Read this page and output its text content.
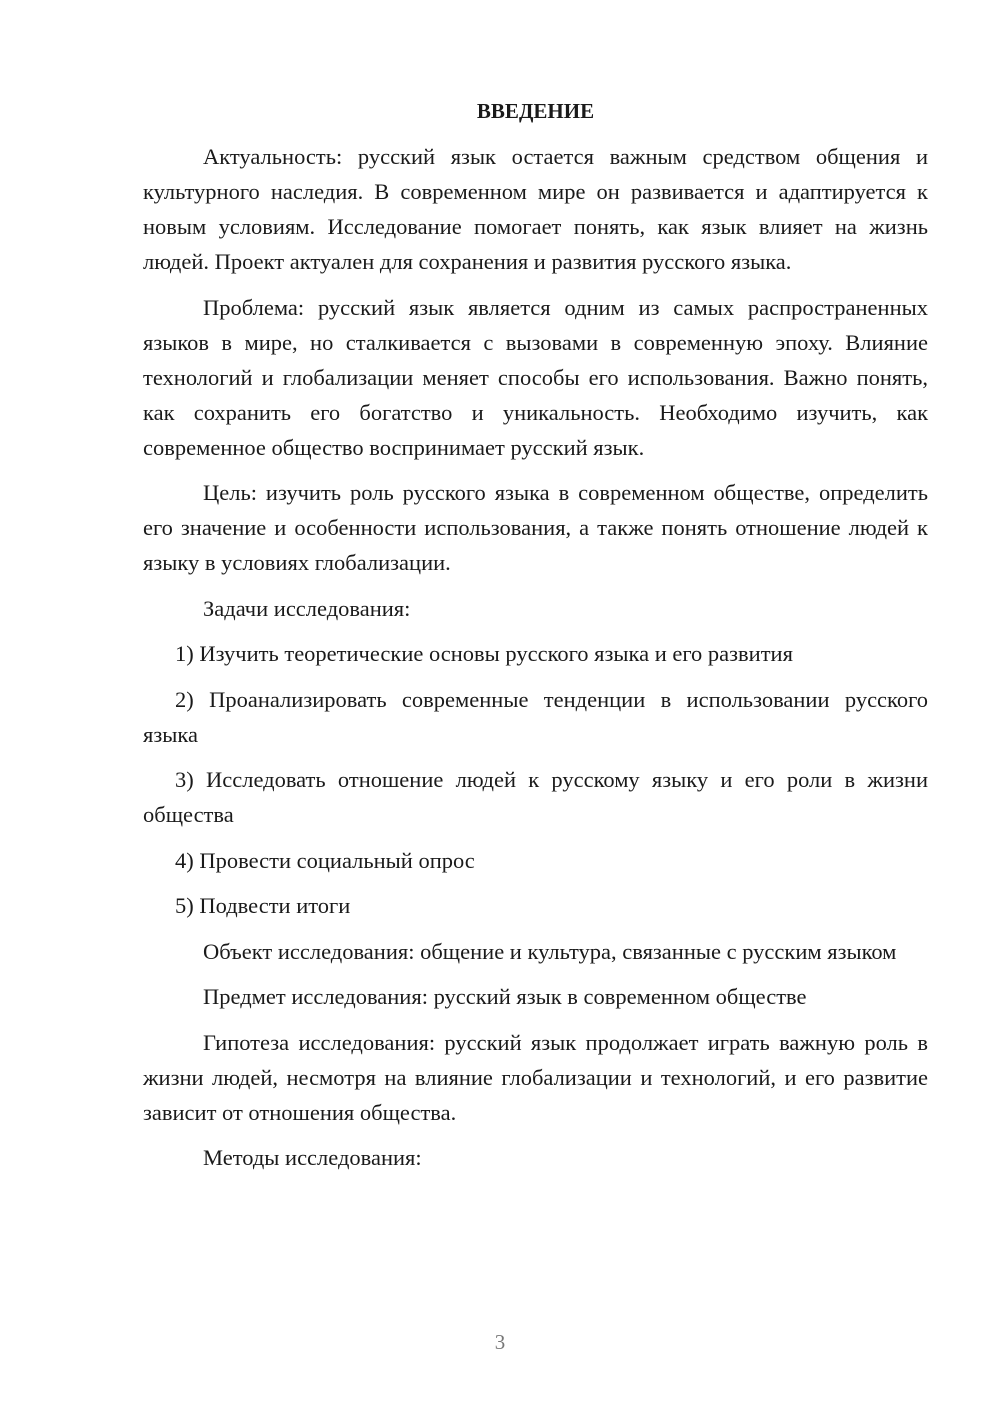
ВВЕДЕНИЕ

Актуальность: русский язык остается важным средством общения и культурного наследия. В современном мире он развивается и адаптируется к новым условиям. Исследование помогает понять, как язык влияет на жизнь людей. Проект актуален для сохранения и развития русского языка.

Проблема: русский язык является одним из самых распространенных языков в мире, но сталкивается с вызовами в современную эпоху. Влияние технологий и глобализации меняет способы его использования. Важно понять, как сохранить его богатство и уникальность. Необходимо изучить, как современное общество воспринимает русский язык.

Цель: изучить роль русского языка в современном обществе, определить его значение и особенности использования, а также понять отношение людей к языку в условиях глобализации.

Задачи исследования:

1) Изучить теоретические основы русского языка и его развития

2) Проанализировать современные тенденции в использовании русского языка

3) Исследовать отношение людей к русскому языку и его роли в жизни общества

4) Провести социальный опрос

5) Подвести итоги

Объект исследования: общение и культура, связанные с русским языком

Предмет исследования: русский язык в современном обществе

Гипотеза исследования: русский язык продолжает играть важную роль в жизни людей, несмотря на влияние глобализации и технологий, и его развитие зависит от отношения общества.

Методы исследования:

3
